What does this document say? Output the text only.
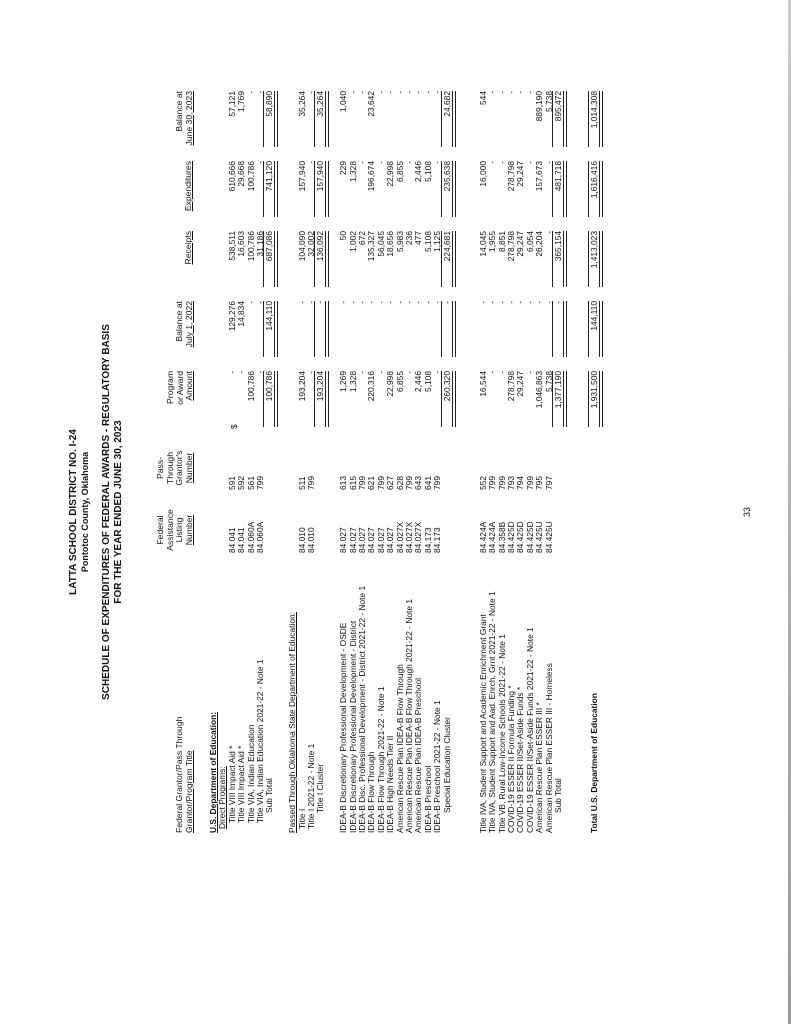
LATTA SCHOOL DISTRICT NO. I-24 Pontotoc County, Oklahoma SCHEDULE OF EXPENDITURES OF FEDERAL AWARDS - REGULATORY BASIS FOR THE YEAR ENDED JUNE 30, 2023
Federal Grantor/Pass Through Grantor/Program Title
Federal Assistance Listing Number
Pass- Through Grantor's Number
Program or Award Amount
Balance at July 1, 2022
Receipts
Expenditures
Balance at June 30, 2023
U.S. Department of Education: Direct Programs: Title VIII Impact Aid *
84.041
591
-
129,276
538,511
610,666
57,121
Title VIII Impact Aid *
84.041
592
-
14,834
16,603
29,668
1,769
Title VIA, Indian Education
84.060A
561
100,786
-
100,786
100,786
-
Title VIA, Indian Education 2021-22 - Note 1
84.060A
799
-
-
31,186
-
-
Sub Total
100,786
144,110
687,086
741,120
58,890
Passed Through Oklahoma State Department of Education: Title I
84.010
511
193,204
-
104,090
157,940
35,264
Title I 2021-22 - Note 1
84.010
799
-
-
32,002
-
-
Title I Cluster
193,204
-
136,092
157,940
35,264
IDEA-B Discretionary Professional Development - OSDE
84.027
613
1,269
-
50
229
1,040
IDEA-B Discretionary Professional Development - District
84.027
615
1,328
-
1,002
1,328
-
IDEA-B Disc. Professional Development - District 2021-22 - Note 1
84.027
799
-
-
672
-
-
IDEA-B Flow Through
84.027
621
220,316
-
135,327
196,674
23,642
IDEA-B Flow Through 2021-22 - Note 1
84.027
799
-
-
56,045
-
-
IDEA-B High Needs Tier II
84.027
627
22,998
-
18,656
22,998
-
American Rescue Plan IDEA-B Flow Through
84.027X
628
6,855
-
5,983
6,855
-
American Rescue Plan IDEA-B Flow Through 2021-22 - Note 1
84.027X
799
-
-
236
-
-
American Rescue Plan IDEA-B Preschool
84.027X
643
2,446
-
477
2,446
-
IDEA-B Preschool
84.173
641
5,108
-
5,108
5,108
-
IDEA-B Preschool 2021-22 - Note 1
84.173
799
-
-
1,125
-
-
Special Education Cluster
260,320
-
224,681
235,638
24,682
Title IVA, Student Support and Academic Enrichment Grant
84.424A
552
16,544
-
14,045
16,000
544
Title IVA, Student Support and Aad. Enrch. Grnt 2021-22 - Note 1
84.424A
799
-
-
1,955
-
-
Title VB, Rural Low-Income Schools 2021-22 - Note 1
84.358B
799
-
-
8,851
-
-
COVID-19 ESSER II Formula Funding *
84.425D
793
278,798
-
278,798
278,798
-
COVID-19 ESSER II/Set-Aside Funds *
84.425D
794
29,247
-
29,247
29,247
-
COVID-19 ESSER II/Set-Aside Funds 2021-22 - Note 1
84.425D
799
-
-
6,054
-
-
American Rescue Plan ESSER III *
84.425U
795
1,046,863
-
26,204
157,673
889,190
American Rescue Plan ESSER III - Homeless
84.425U
797
5,738
-
-
-
5,738
Sub Total
1,377,190
-
365,154
481,718
895,472
Total U.S. Department of Education
1,931,500
144,110
1,413,023
1,616,416
1,014,308
$
33
